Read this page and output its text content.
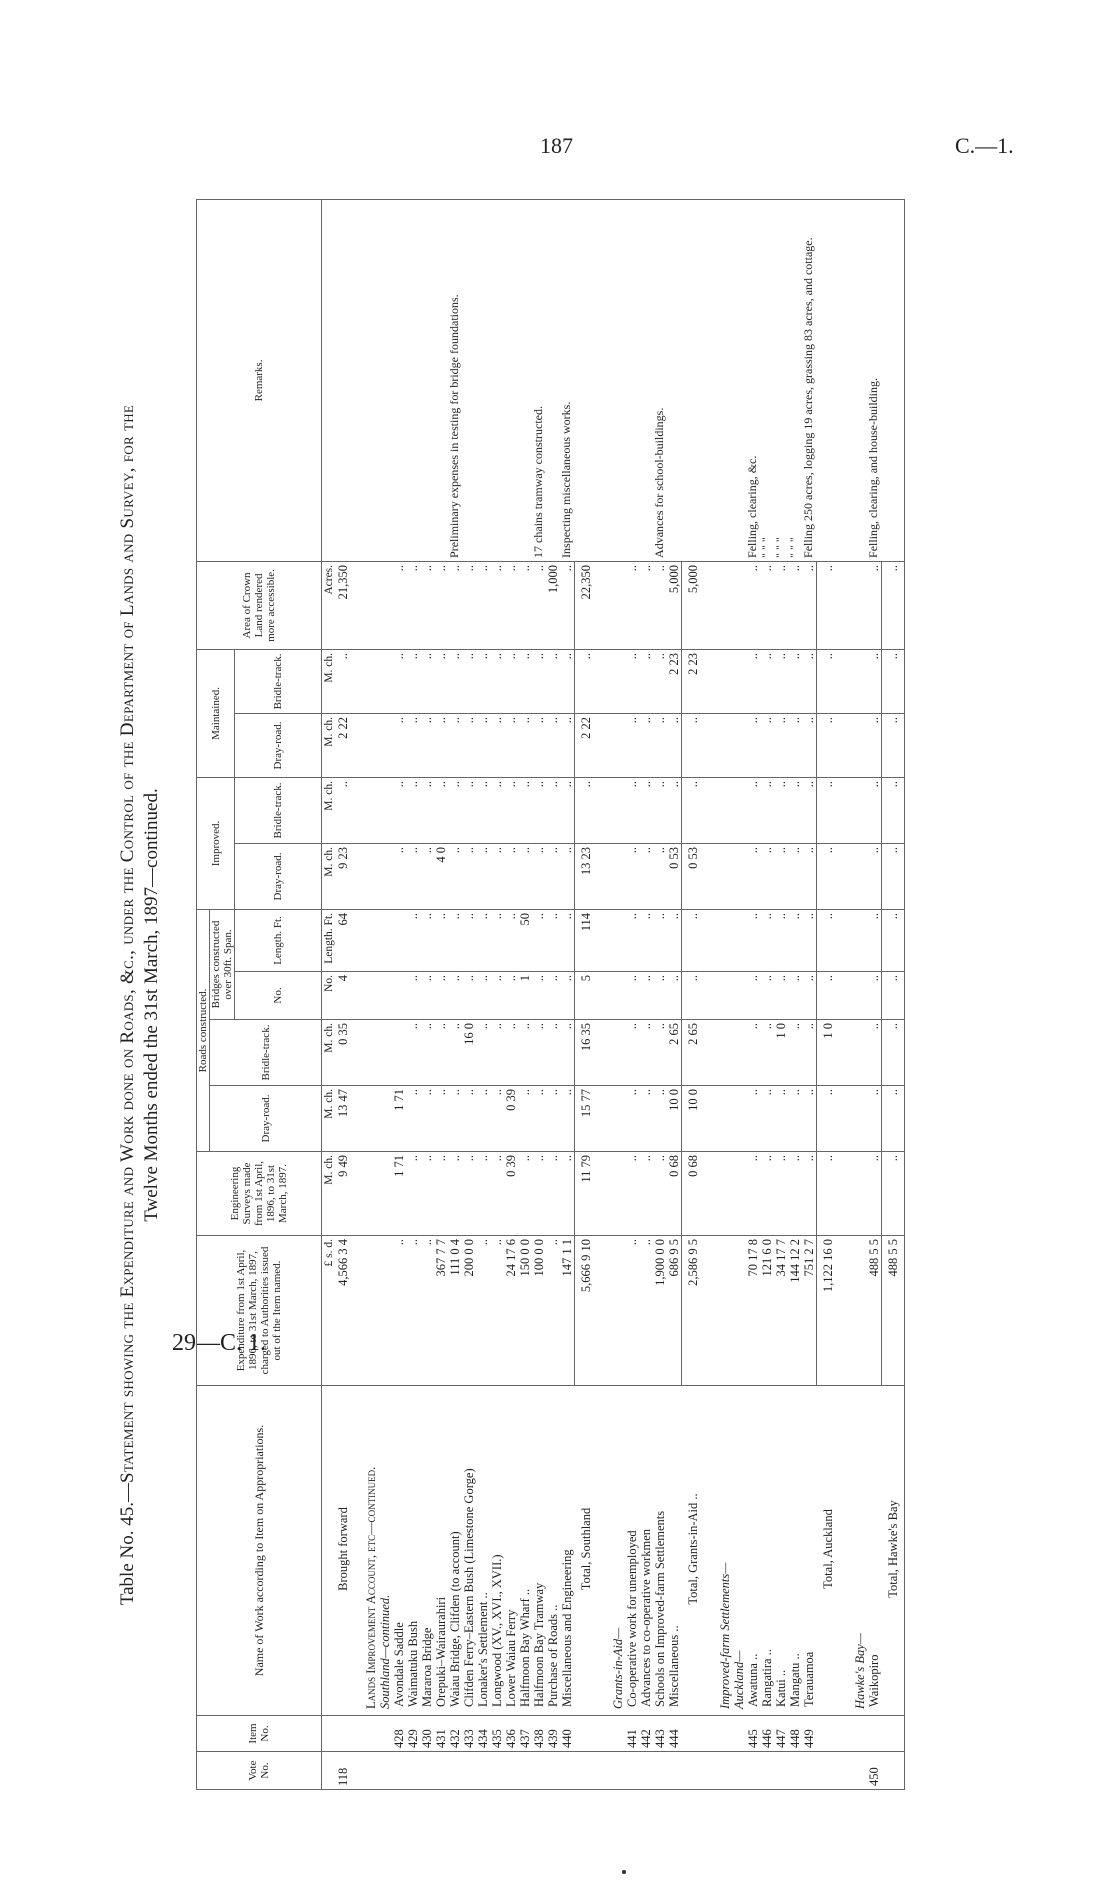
187	C.—1.
29—C. 1.
Table No. 45.—Statement showing the Expenditure and Work done on Roads, &c., under the Control of the Department of Lands and Survey, for the Twelve Months ended the 31st March, 1897—continued.
Vote No.	Item No.	Name of Work according to Item on Appropriations.	Expenditure from 1st April, 1896, to 31st March, 1897, charged to Authorities issued out of the Item named.	Engineering Surveys made from 1st April, 1896, to 31st March, 1897.	Roads constructed.				Improved.		Maintained.		Area of Crown Land rendered more accessible.	Remarks.
					Dray-road.	Bridle-track.	Bridges constructed over 30ft. Span.							
							No.	Length. Ft.	Dray-road.	Bridle-track.	Dray-road.	Bridle-track.		
			£ s. d.	M. ch.	M. ch.	M. ch.	No.	Length. Ft.	M. ch.	M. ch.	M. ch.	M. ch.	Acres.	
118		Brought forward	4,566 3 4	9 49	13 47	0 35	4	64	9 23	..	2 22	..	21,350	

		Lands Improvement Account, etc—continued.												
		Southland—continued.												
	428	Avondale Saddle	..	1 71	1 71				..	..	..	..	..	
	429	Waimatuku Bush	..	..	..	..	..	..	..	..	..	..	..	
	430	Mararoa Bridge	..	..	..	..	..	..	..	..	..	..	..	
	431	Orepuki–Wairaurahiri	367 7 7	..	..	..	..	..	4 0	..	..	..	..	
	432	Waiau Bridge, Clifden (to account)	111 0 4	..	..	..	..	..	..	..	..	..	..	Preliminary expenses in testing for bridge foundations.
	433	Clifden Ferry–Eastern Bush (Limestone Gorge)	200 0 0	..	..	16 0	..	..	..	..	..	..	..	
	434	Lonaker's Settlement ..	..	..	..	..	..	..	..	..	..	..	..	
	435	Longwood (XV., XVI., XVII.)	..	..	..	..	..	..	..	..	..	..	..	
	436	Lower Waiau Ferry	24 17 6	0 39	0 39	..	..	..	..	..	..	..	..	
	437	Halfmoon Bay Wharf ..	150 0 0	..	..	..	1	50	..	..	..	..	..	
	438	Halfmoon Bay Tramway	100 0 0	..	..	..	..	..	..	..	..	..	..	17 chains tramway constructed.
	439	Purchase of Roads ..	..	..	..	..	..	..	..	..	..	..	1,000	
	440	Miscellaneous and Engineering	147 1 1	..	..	..	..	..	..	..	..	..	..	Inspecting miscellaneous works.
		Total, Southland	5,666 9 10	11 79	15 77	16 35	5	114	13 23	..	2 22	..	22,350	

		Grants-in-Aid—												
	441	Co-operative work for unemployed	..	..	..	..	..	..	..	..	..	..	..	
	442	Advances to co-operative workmen	..	..	..	..	..	..	..	..	..	..	..	
	443	Schools on Improved-farm Settlements	1,900 0 0	..	..	..	..	..	..	..	..	..	..	Advances for school-buildings.
	444	Miscellaneous ..	686 9 5	0 68	10 0	2 65	..	..	0 53	..	..	2 23	5,000	
		Total, Grants-in-Aid ..	2,586 9 5	0 68	10 0	2 65	..	..	0 53	..	..	2 23	5,000	

		Improved-farm Settlements—												
		Auckland—												
	445	Awatuna ..	70 17 8	..	..	..	..	..	..	..	..	..	..	Felling, clearing, &c.
	446	Rangatira ..	121 6 0	..	..	..	..	..	..	..	..	..	..	" " "
	447	Katui ..	34 17 7	..	..	1 0	..	..	..	..	..	..	..	" " "
	448	Mangatu ..	144 12 2	..	..	..	..	..	..	..	..	..	..	" " "
	449	Terauamoa	751 2 7	..	..	..	..	..	..	..	..	..	..	Felling 250 acres, logging 19 acres, grassing 83 acres, and cottage.
		Total, Auckland	1,122 16 0	..	..	1 0	..	..	..	..	..	..	..	

		Hawke's Bay—												
450		Waikopiro	488 5 5	..	..	..	..	..	..	..	..	..	..	Felling, clearing, and house-building.
		Total, Hawke's Bay	488 5 5	..	..	..	..	..	..	..	..	..	..	
